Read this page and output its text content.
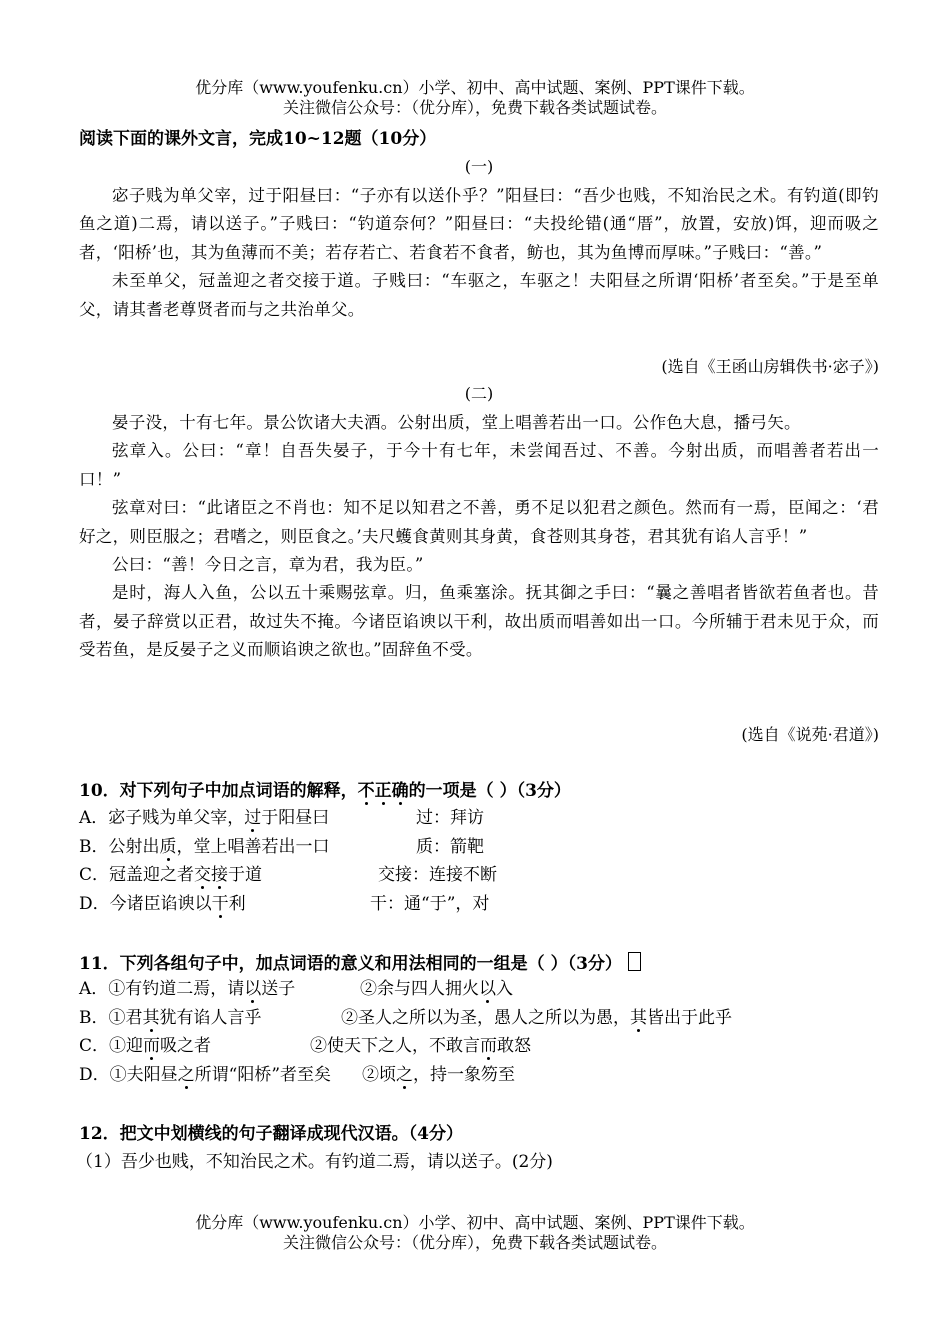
优分库（www.youfenku.cn）小学、初中、高中试题、案例、PPT课件下载。
关注微信公众号：（优分库），免费下载各类试题试卷。
阅读下面的课外文言，完成10~12题（10分）
(一)
宓子贱为单父宰，过于阳昼曰：“子亦有以送仆乎？”阳昼曰：“吾少也贱，不知治民之术。有钓道(即钓鱼之道)二焉，请以送子。”子贱曰：“钓道奈何？”阳昼曰：“夫投纶错(通“厝”，放置，安放)饵，迎而吸之者，‘阳桥’也，其为鱼薄而不美；若存若亡、若食若不食者，鲂也，其为鱼博而厚味。”子贱曰：“善。”
未至单父，冠盖迎之者交接于道。子贱曰：“车驱之，车驱之！夫阳昼之所谓‘阳桥’者至矣。”于是至单父，请其耆老尊贤者而与之共治单父。
(选自《王函山房辑佚书·宓子》)
(二)
晏子没，十有七年。景公饮诸大夫酒。公射出质，堂上唱善若出一口。公作色大息，播弓矢。
弦章入。公曰：“章！自吾失晏子，于今十有七年，未尝闻吾过、不善。今射出质，而唱善者若出一口！”
弦章对曰：“此诸臣之不肖也：知不足以知君之不善，勇不足以犯君之颜色。然而有一焉，臣闻之：‘君好之，则臣服之；君嗜之，则臣食之。’夫尺蠖食黄则其身黄，食苍则其身苍，君其犹有谄人言乎！”
公曰：“善！今日之言，章为君，我为臣。”
是时，海人入鱼，公以五十乘赐弦章。归，鱼乘塞涂。抚其御之手曰：“曩之善唱者皆欲若鱼者也。昔者，晏子辞赏以正君，故过失不掩。今诸臣谄谀以干利，故出质而唱善如出一口。今所辅于君未见于众，而受若鱼，是反晏子之义而顺谄谀之欲也。”固辞鱼不受。
(选自《说苑·君道》)
10．对下列句子中加点词语的解释，不正确的一项是（ ）（3分）
A．宓子贱为单父宰，过于阳昼曰	过：拜访
B．公射出质，堂上唱善若出一口	质：箭靶
C．冠盖迎之者交接于道	交接：连接不断
D．今诸臣谄谀以干利	干：通“于”，对
11．下列各组句子中，加点词语的意义和用法相同的一组是（ ）（3分）
A．①有钓道二焉，请以送子	②余与四人拥火以入
B．①君其犹有谄人言乎	②圣人之所以为圣，愚人之所以为愚，其皆出于此乎
C．①迎而吸之者	②使天下之人，不敢言而敢怒
D．①夫阳昼之所谓“阳桥”者至矣 ②顷之，持一象笏至
12．把文中划横线的句子翻译成现代汉语。（4分）
（1）吾少也贱，不知治民之术。有钓道二焉，请以送子。(2分)
优分库（www.youfenku.cn）小学、初中、高中试题、案例、PPT课件下载。
关注微信公众号：（优分库），免费下载各类试题试卷。
